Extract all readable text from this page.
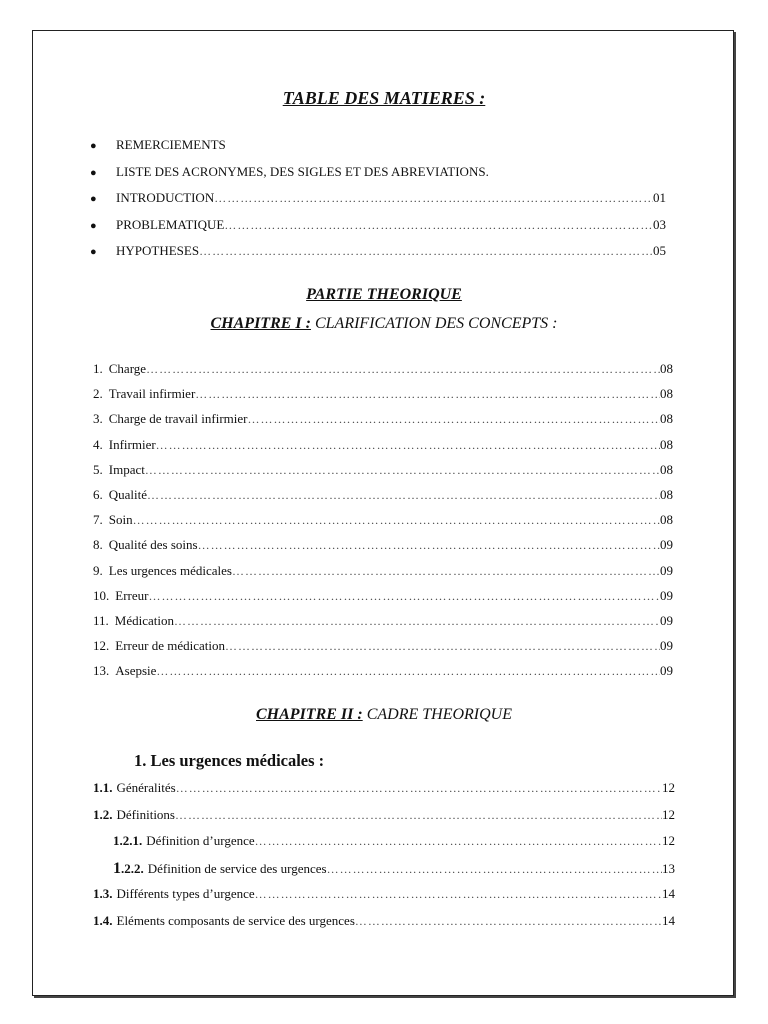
TABLE DES MATIERES :
●	REMERCIEMENTS
●	LISTE DES ACRONYMES, DES SIGLES ET DES ABREVIATIONS.
●	INTRODUCTION ………………………………………………………………………………………………………………………………………………………………………………	01
●	PROBLEMATIQUE ………………………………………………………………………………………………………………………………………………………………………………	03
●	HYPOTHESES ………………………………………………………………………………………………………………………………………………………………………………	05
PARTIE THEORIQUE
CHAPITRE I : CLARIFICATION DES CONCEPTS :
1. Charge ………………………………………………………………………………………………………………………………………………………………………………	08
2. Travail infirmier ………………………………………………………………………………………………………………………………………………………………………………	08
3. Charge de travail infirmier ………………………………………………………………………………………………………………………………………………………………………………	08
4. Infirmier ………………………………………………………………………………………………………………………………………………………………………………	08
5. Impact ………………………………………………………………………………………………………………………………………………………………………………	08
6. Qualité ………………………………………………………………………………………………………………………………………………………………………………	08
7. Soin ………………………………………………………………………………………………………………………………………………………………………………	08
8. Qualité des soins ………………………………………………………………………………………………………………………………………………………………………………	09
9. Les urgences médicales ………………………………………………………………………………………………………………………………………………………………………………	09
10. Erreur ………………………………………………………………………………………………………………………………………………………………………………	09
11. Médication ………………………………………………………………………………………………………………………………………………………………………………	09
12. Erreur de médication ………………………………………………………………………………………………………………………………………………………………………………	09
13. Asepsie ………………………………………………………………………………………………………………………………………………………………………………	09
CHAPITRE II : CADRE THEORIQUE
1. Les urgences médicales :
1.1. Généralités ………………………………………………………………………………………………………………………………………………………………………………	12
1.2. Définitions ………………………………………………………………………………………………………………………………………………………………………………	12
1.2.1. Définition d’urgence ………………………………………………………………………………………………………………………………………………………………………………	12
1.2.2. Définition de service des urgences ………………………………………………………………………………………………………………………………………………………………………………	13
1.3. Différents types d’urgence ………………………………………………………………………………………………………………………………………………………………………………	14
1.4. Eléments composants de service des urgences ………………………………………………………………………………………………………………………………………………………………………………	14
